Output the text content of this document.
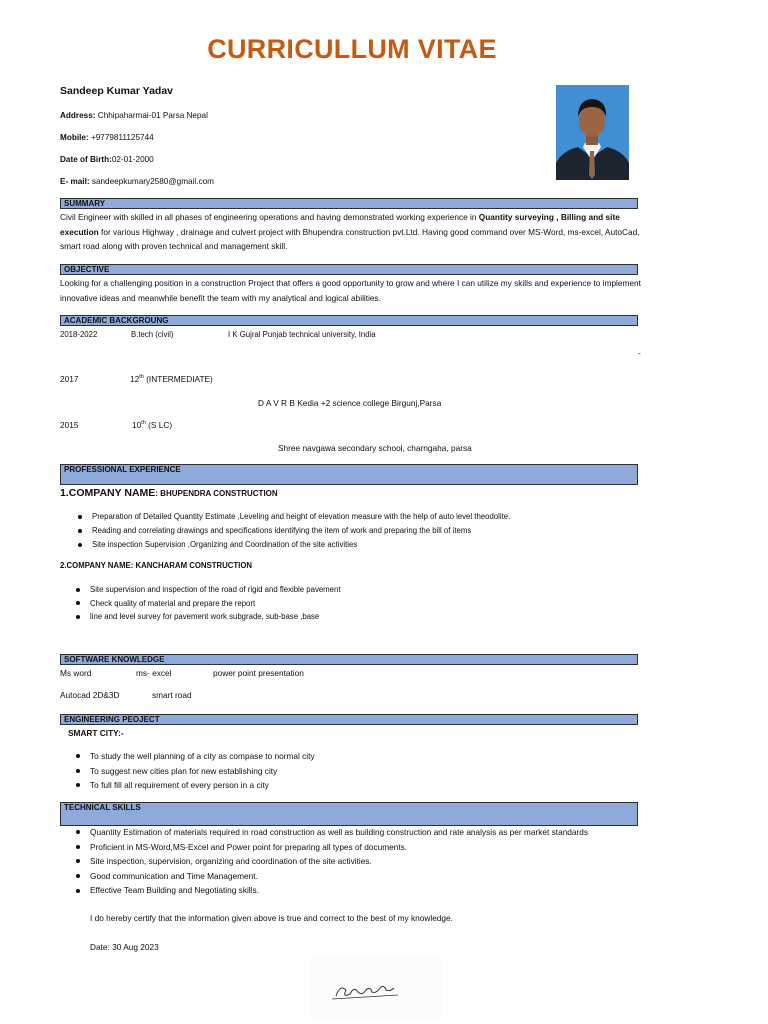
CURRICULLUM VITAE
Sandeep Kumar Yadav
Address: Chhipaharmai-01 Parsa Nepal
Mobile: +9779811125744
Date of Birth:02-01-2000
E- mail: sandeepkumary2580@gmail.com
SUMMARY
Civil Engineer with skilled in all phases of engineering operations and having demonstrated working experience in Quantity surveying , Billing and site execution for various Highway , drainage and culvert project with Bhupendra construction pvt.Ltd. Having good command over MS-Word, ms-excel, AutoCad, smart road along with proven technical and management skill.
OBJECTIVE
Looking for a challenging position in a construction Project that offers a good opportunity to grow and where I can utilize my skills and experience to implement innovative ideas and meanwhile benefit the team with my analytical and logical abilities.
ACADEMIC BACKGROUNG
2018-2022	B.tech (civil)	I K Gujral Punjab technical university, India
-
2017	12th (INTERMEDIATE)
D A V R B Kedia +2 science college Birgunj,Parsa
2015	10th (S LC)
Shree navgawa secondary school, charngaha, parsa
PROFESSIONAL EXPERIENCE
1.COMPANY NAME: BHUPENDRA CONSTRUCTION
Preparation of Detailed Quantity Estimate ,Leveling and height of elevation measure with the help of auto level theodolite.
Reading and correlating drawings and specifications identifying the item of work and preparing the bill of items
Site inspection Supervision ,Organizing and Coordination of the site activities
2.COMPANY NAME: KANCHARAM CONSTRUCTION
Site supervision and inspection of the road of rigid and flexible pavement
Check quality of material and prepare the report
line and level survey for pavement work subgrade, sub-base ,base
SOFTWARE KNOWLEDGE
Ms word	ms- excel	power point presentation
Autocad 2D&3D	smart road
ENGINEERING PEOJECT
SMART CITY:-
To study the well planning of a city as compase to normal city
To suggest new cities plan for new establishing city
To full fill all requirement of every person in a city
TECHNICAL SKILLS
Quantity Estimation of materials required in road construction as well as building construction and rate analysis as per market standards
Proficient in MS-Word,MS-Excel and Power point for preparing all types of documents.
Site inspection, supervision, organizing and coordination of the site activities.
Good communication and Time Management.
Effective Team Building and Negotiating skills.
I do hereby certify that the information given above is true and correct to the best of my knowledge.
Date: 30 Aug 2023
